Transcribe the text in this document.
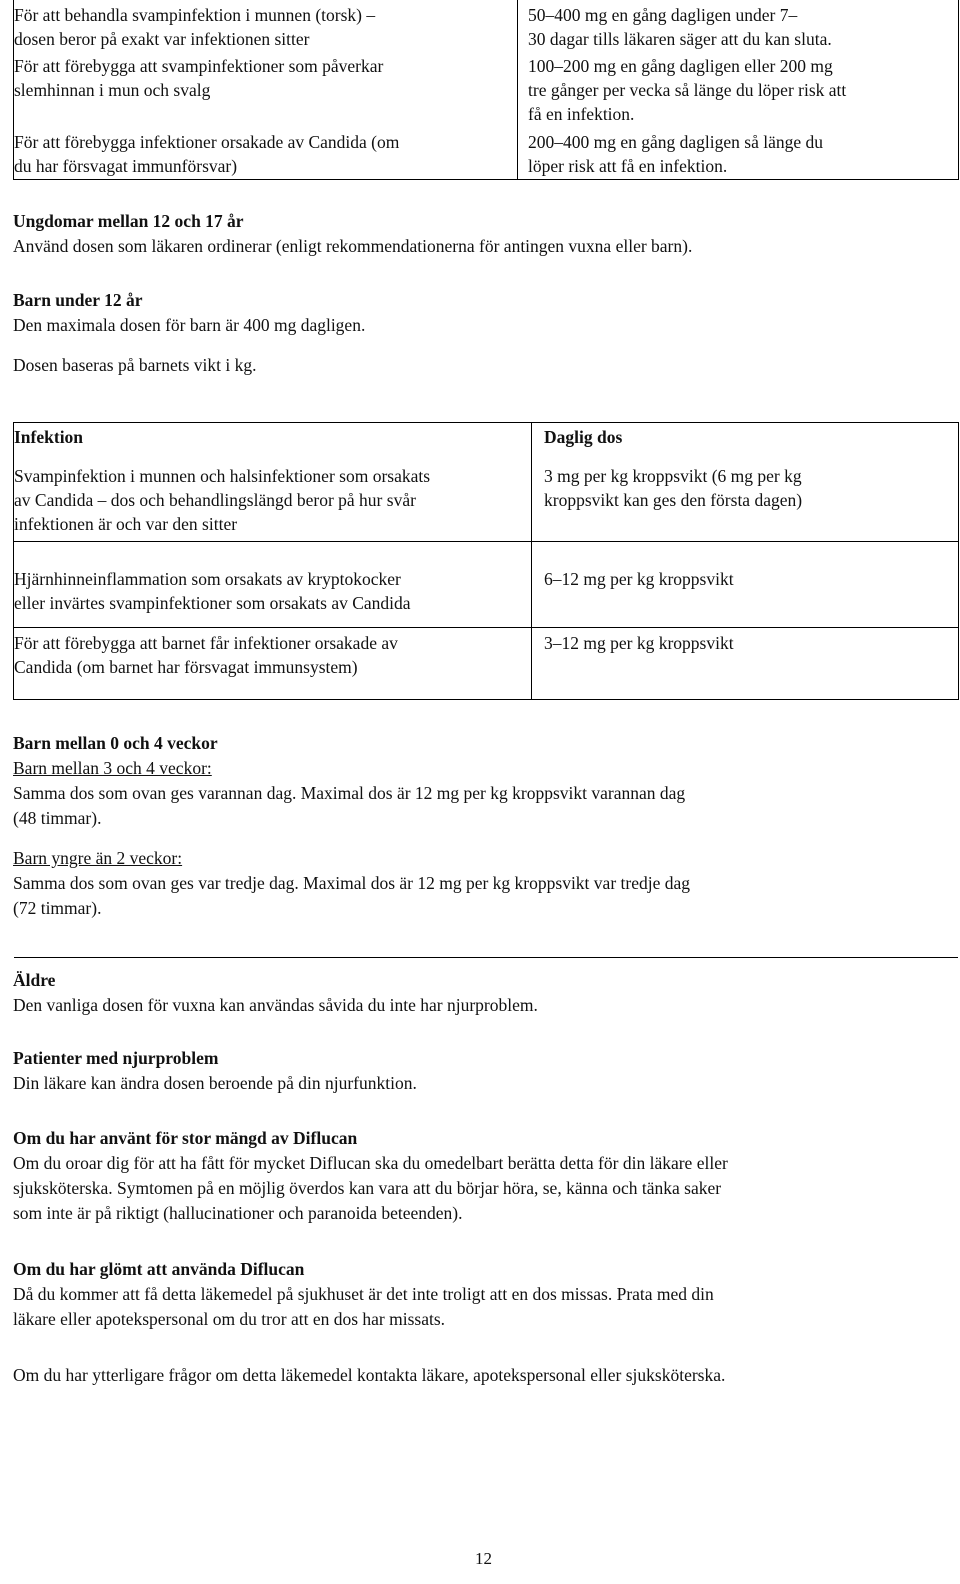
För att behandla svampinfektion i munnen (torsk) –
dosen beror på exakt var infektionen sitter
50–400 mg en gång dagligen under 7–
30 dagar tills läkaren säger att du kan sluta.
För att förebygga att svampinfektioner som påverkar
slemhinnan i mun och svalg
100–200 mg en gång dagligen eller 200 mg
tre gånger per vecka så länge du löper risk att
få en infektion.
För att förebygga infektioner orsakade av Candida (om
du har försvagat immunförsvar)
200–400 mg en gång dagligen så länge du
löper risk att få en infektion.

Ungdomar mellan 12 och 17 år

Använd dosen som läkaren ordinerar (enligt rekommendationerna för antingen vuxna eller barn).

Barn under 12 år

Den maximala dosen för barn är 400 mg dagligen.

Dosen baseras på barnets vikt i kg.

Infektion	Daglig dos
Svampinfektion i munnen och halsinfektioner som orsakats
av Candida – dos och behandlingslängd beror på hur svår
infektionen är och var den sitter
3 mg per kg kroppsvikt (6 mg per kg
kroppsvikt kan ges den första dagen)
Hjärnhinneinflammation som orsakats av kryptokocker
eller invärtes svampinfektioner som orsakats av Candida
6–12 mg per kg kroppsvikt
För att förebygga att barnet får infektioner orsakade av
Candida (om barnet har försvagat immunsystem)
3–12 mg per kg kroppsvikt

Barn mellan 0 och 4 veckor

Barn mellan 3 och 4 veckor:

Samma dos som ovan ges varannan dag. Maximal dos är 12 mg per kg kroppsvikt varannan dag

(48 timmar).

Barn yngre än 2 veckor:

Samma dos som ovan ges var tredje dag. Maximal dos är 12 mg per kg kroppsvikt var tredje dag

(72 timmar).

Äldre

Den vanliga dosen för vuxna kan användas såvida du inte har njurproblem.

Patienter med njurproblem

Din läkare kan ändra dosen beroende på din njurfunktion.

Om du har använt för stor mängd av Diflucan

Om du oroar dig för att ha fått för mycket Diflucan ska du omedelbart berätta detta för din läkare eller

sjuksköterska. Symtomen på en möjlig överdos kan vara att du börjar höra, se, känna och tänka saker

som inte är på riktigt (hallucinationer och paranoida beteenden).

Om du har glömt att använda Diflucan

Då du kommer att få detta läkemedel på sjukhuset är det inte troligt att en dos missas. Prata med din

läkare eller apotekspersonal om du tror att en dos har missats.

Om du har ytterligare frågor om detta läkemedel kontakta läkare, apotekspersonal eller sjuksköterska.

12
